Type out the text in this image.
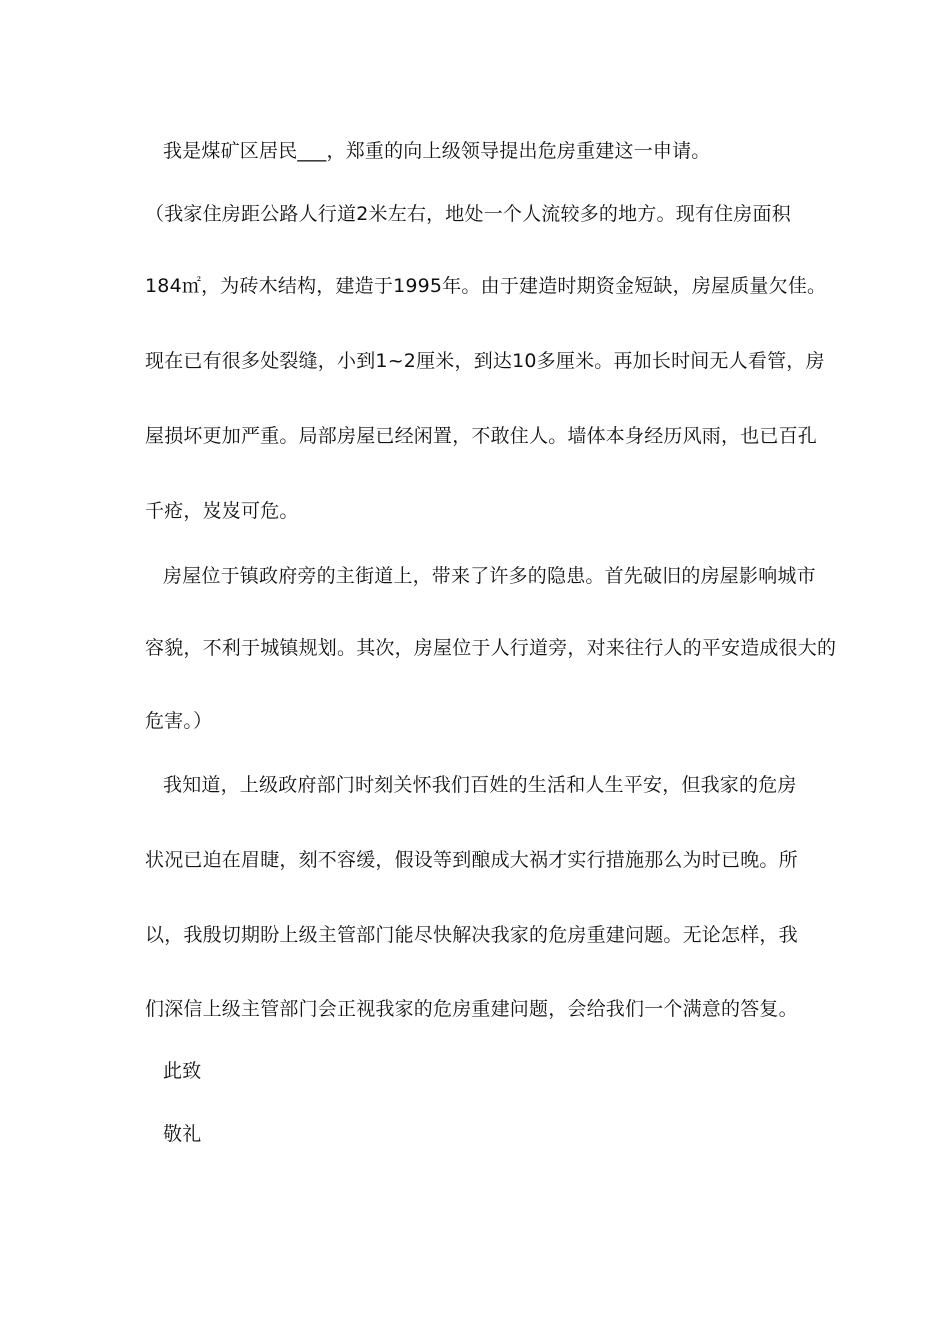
我是煤矿区居民___，郑重的向上级领导提出危房重建这一申请。
（我家住房距公路人行道2米左右，地处一个人流较多的地方。现有住房面积
184㎡，为砖木结构，建造于1995年。由于建造时期资金短缺，房屋质量欠佳。
现在已有很多处裂缝，小到1~2厘米，到达10多厘米。再加长时间无人看管，房
屋损坏更加严重。局部房屋已经闲置，不敢住人。墙体本身经历风雨，也已百孔
千疮，岌岌可危。
房屋位于镇政府旁的主街道上，带来了许多的隐患。首先破旧的房屋影响城市
容貌，不利于城镇规划。其次，房屋位于人行道旁，对来往行人的平安造成很大的
危害。）
我知道，上级政府部门时刻关怀我们百姓的生活和人生平安，但我家的危房
状况已迫在眉睫，刻不容缓，假设等到酿成大祸才实行措施那么为时已晚。所
以，我殷切期盼上级主管部门能尽快解决我家的危房重建问题。无论怎样，我
们深信上级主管部门会正视我家的危房重建问题，会给我们一个满意的答复。
此致
敬礼
